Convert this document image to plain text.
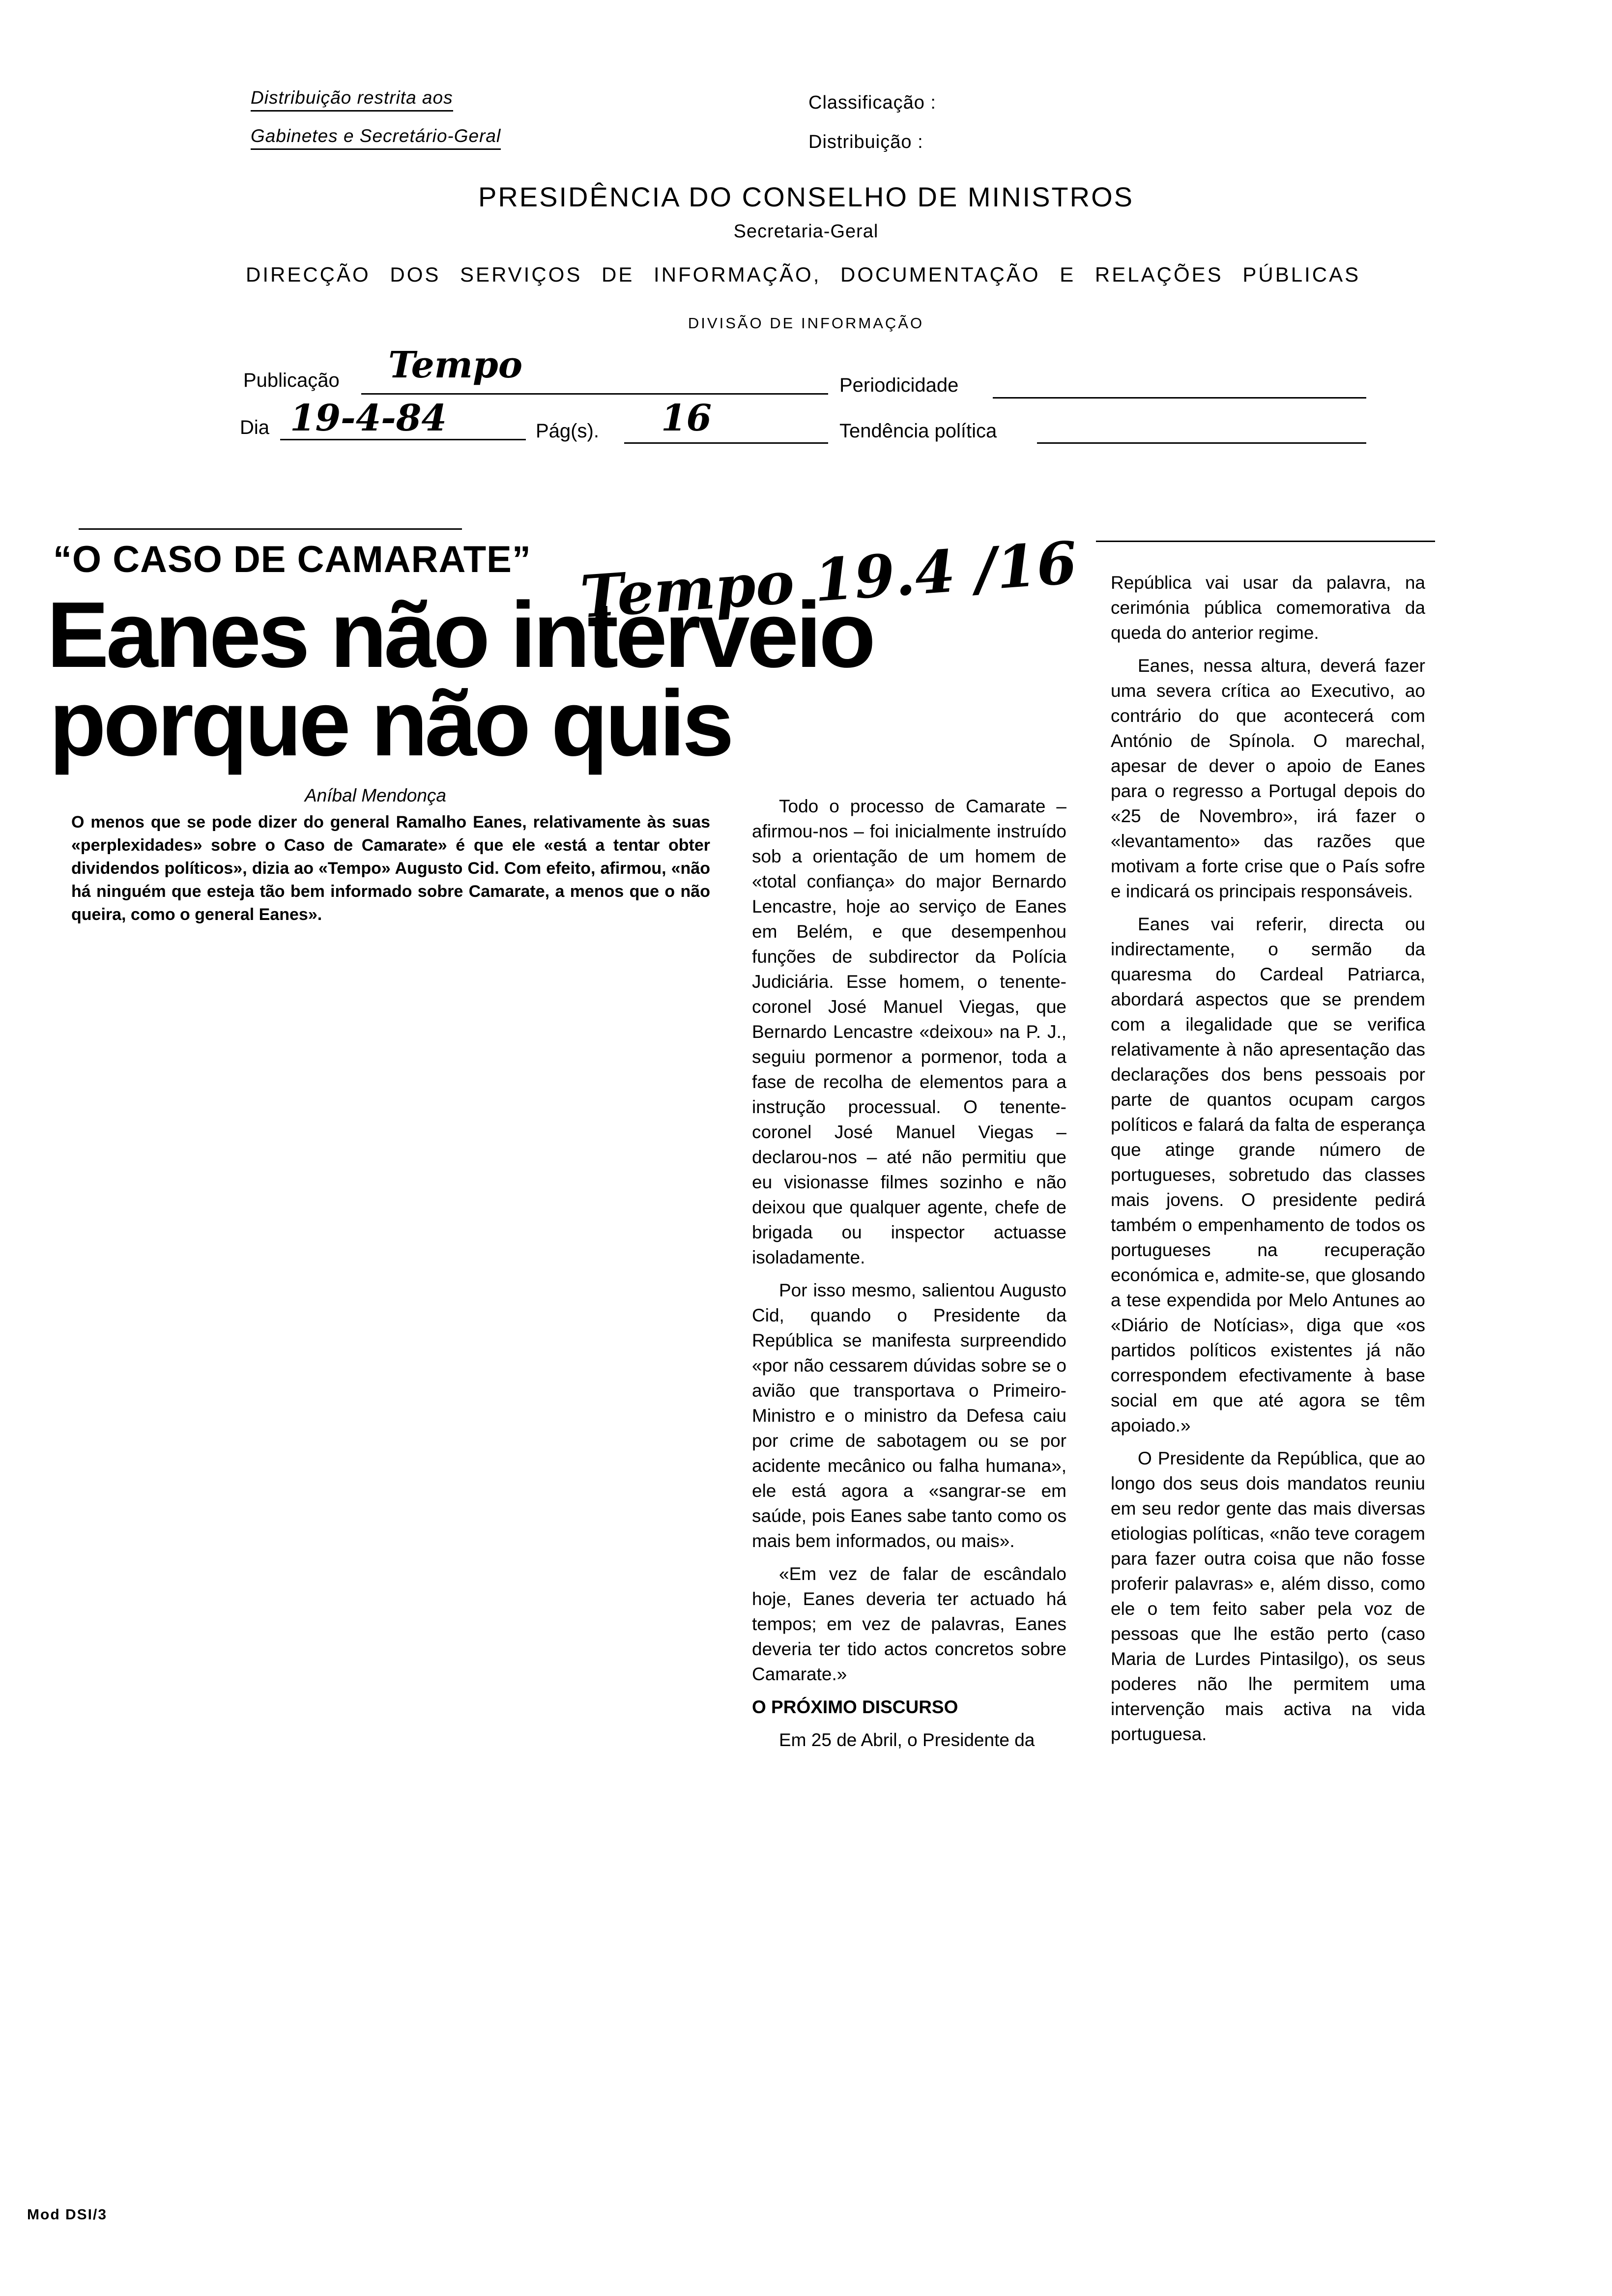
Distribuição restrita aos
Gabinetes e Secretário-Geral
Classificação :
Distribuição :
PRESIDÊNCIA DO CONSELHO DE MINISTROS
Secretaria-Geral
DIRECÇÃO DOS SERVIÇOS DE INFORMAÇÃO, DOCUMENTAÇÃO E RELAÇÕES PÚBLICAS
DIVISÃO DE INFORMAÇÃO
Publicação Tempo	Periodicidade
Dia 19-4-84	Pág(s). 16	Tendência política
“O CASO DE CAMARATE”
Eanes não interveio
porque não quis
Tempo 19.4 /16
Aníbal Mendonça
O menos que se pode dizer do general Ramalho Eanes, relativamente às suas «perplexidades» sobre o Caso de Camarate» é que ele «está a tentar obter dividendos políticos», dizia ao «Tempo» Augusto Cid. Com efeito, afirmou, «não há ninguém que esteja tão bem informado sobre Camarate, a menos que o não queira, como o general Eanes».

Todo o processo de Camarate – afirmou-nos – foi inicialmente instruído sob a orientação de um homem de «total confiança» do major Bernardo Lencastre, hoje ao serviço de Eanes em Belém, e que desempenhou funções de subdirector da Polícia Judiciária. Esse homem, o tenente-coronel José Manuel Viegas, que Bernardo Lencastre «deixou» na P. J., seguiu pormenor a pormenor, toda a fase de recolha de elementos para a instrução processual. O tenente-coronel José Manuel Viegas – declarou-nos – até não permitiu que eu visionasse filmes sozinho e não deixou que qualquer agente, chefe de brigada ou inspector actuasse isoladamente.

Por isso mesmo, salientou Augusto Cid, quando o Presidente da República se manifesta surpreendido «por não cessarem dúvidas sobre se o avião que transportava o Primeiro-Ministro e o ministro da Defesa caiu por crime de sabotagem ou se por acidente mecânico ou falha humana», ele está agora a «sangrar-se em saúde, pois Eanes sabe tanto como os mais bem informados, ou mais».

«Em vez de falar de escândalo hoje, Eanes deveria ter actuado há tempos; em vez de palavras, Eanes deveria ter tido actos concretos sobre Camarate.»

O PRÓXIMO DISCURSO

Em 25 de Abril, o Presidente da

República vai usar da palavra, na cerimónia pública comemorativa da queda do anterior regime.

Eanes, nessa altura, deverá fazer uma severa crítica ao Executivo, ao contrário do que acontecerá com António de Spínola. O marechal, apesar de dever o apoio de Eanes para o regresso a Portugal depois do «25 de Novembro», irá fazer o «levantamento» das razões que motivam a forte crise que o País sofre e indicará os principais responsáveis.

Eanes vai referir, directa ou indirectamente, o sermão da quaresma do Cardeal Patriarca, abordará aspectos que se prendem com a ilegalidade que se verifica relativamente à não apresentação das declarações dos bens pessoais por parte de quantos ocupam cargos políticos e falará da falta de esperança que atinge grande número de portugueses, sobretudo das classes mais jovens. O presidente pedirá também o empenhamento de todos os portugueses na recuperação económica e, admite-se, que glosando a tese expendida por Melo Antunes ao «Diário de Notícias», diga que «os partidos políticos existentes já não correspondem efectivamente à base social em que até agora se têm apoiado.»

O Presidente da República, que ao longo dos seus dois mandatos reuniu em seu redor gente das mais diversas etiologias políticas, «não teve coragem para fazer outra coisa que não fosse proferir palavras» e, além disso, como ele o tem feito saber pela voz de pessoas que lhe estão perto (caso Maria de Lurdes Pintasilgo), os seus poderes não lhe permitem uma intervenção mais activa na vida portuguesa.

Mod DSI/3
